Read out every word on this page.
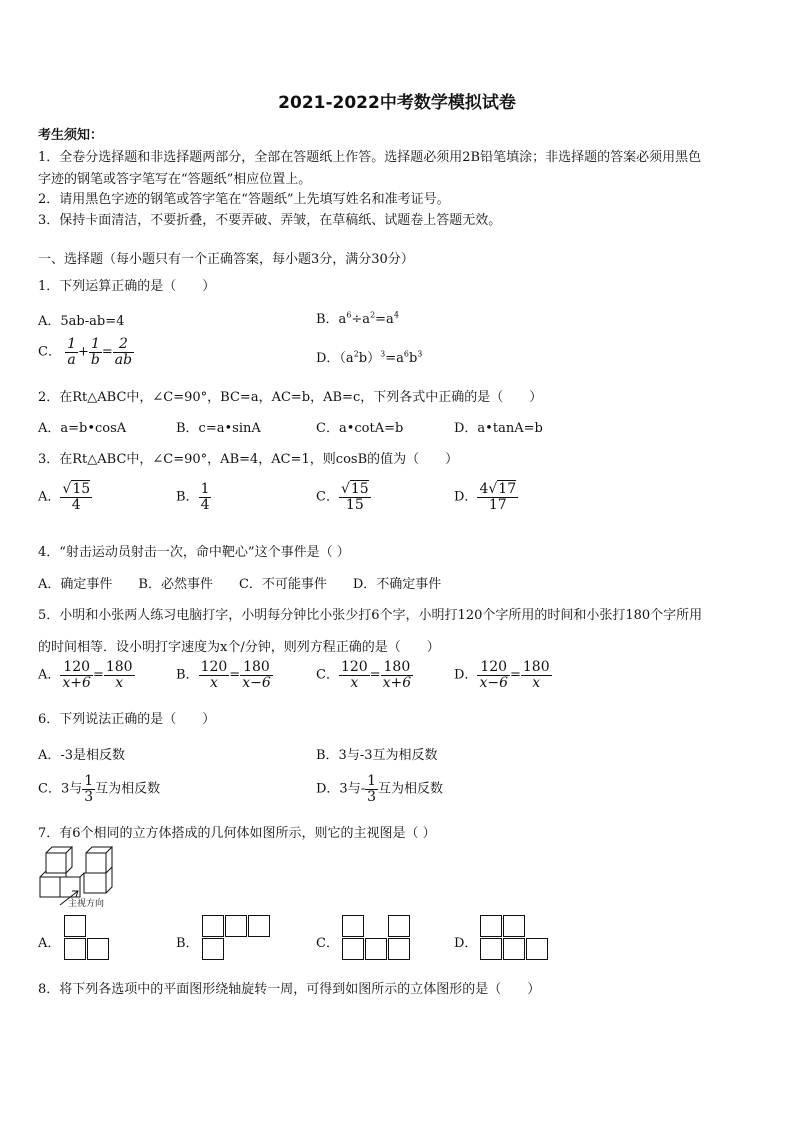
2021-2022中考数学模拟试卷
考生须知：
1．全卷分选择题和非选择题两部分，全部在答题纸上作答。选择题必须用2B铅笔填涂；非选择题的答案必须用黑色
字迹的钢笔或答字笔写在“答题纸”相应位置上。
2．请用黑色字迹的钢笔或答字笔在“答题纸”上先填写姓名和准考证号。
3．保持卡面清洁，不要折叠，不要弄破、弄皱，在草稿纸、试题卷上答题无效。
一、选择题（每小题只有一个正确答案，每小题3分，满分30分）
1．下列运算正确的是（　　）
A．5ab-ab=4	B．$a^6\div a^2=a^4$
C． $\frac{1}{a} + \frac{1}{b} = \frac{2}{ab}$	D．$(a^2b)^3=a^6b^3$
2．在Rt△ABC中，∠C=90°，BC=a，AC=b，AB=c，下列各式中正确的是（　　）
A．a=b•cosA	B．c=a•sinA	C．a•cotA=b	D．a•tanA=b
3．在Rt△ABC中，∠C=90°，AB=4，AC=1，则cosB的值为（　　）
A． $\frac{√15}{4}$	B． $\frac{1}{4}$	C． $\frac{√15}{15}$	D． $\frac{4√17}{17}$
4．“射击运动员射击一次，命中靶心”这个事件是（ ）
A．确定事件　　B．必然事件　　C．不可能事件　　D．不确定事件
5．小明和小张两人练习电脑打字，小明每分钟比小张少打6个字，小明打120个字所用的时间和小张打180个字所用
的时间相等．设小明打字速度为x个/分钟，则列方程正确的是（　　）
A． $\frac{120}{x+6} = \frac{180}{x}$	B． $\frac{120}{x} = \frac{180}{x-6}$	C． $\frac{120}{x} = \frac{180}{x+6}$	D． $\frac{120}{x-6} = \frac{180}{x}$
6．下列说法正确的是（　　）
A．-3是相反数	B．3与-3互为相反数
C．3与 $\frac{1}{3}$ 互为相反数	D．3与- $\frac{1}{3}$ 互为相反数
7．有6个相同的立方体搭成的几何体如图所示，则它的主视图是（ ）
主视方向
A．	B．	C．	D．
8．将下列各选项中的平面图形绕轴旋转一周，可得到如图所示的立体图形的是（　　）
